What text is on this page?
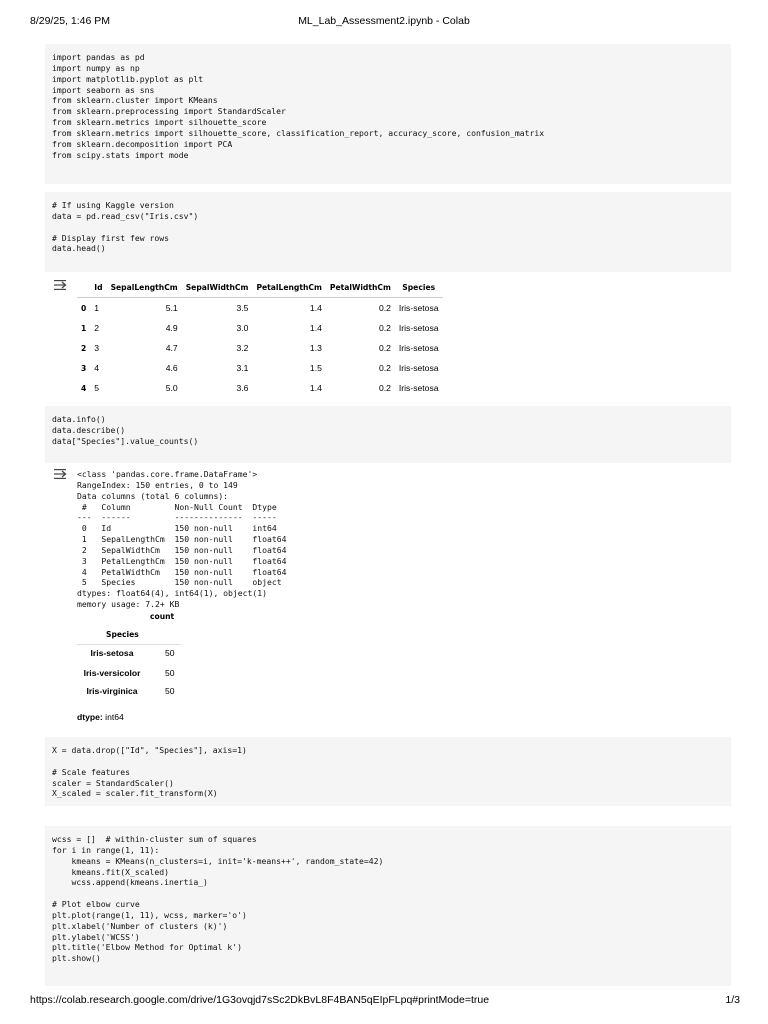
8/29/25, 1:46 PM	ML_Lab_Assessment2.ipynb - Colab
import pandas as pd
import numpy as np
import matplotlib.pyplot as plt
import seaborn as sns
from sklearn.cluster import KMeans
from sklearn.preprocessing import StandardScaler
from sklearn.metrics import silhouette_score
from sklearn.metrics import silhouette_score, classification_report, accuracy_score, confusion_matrix
from sklearn.decomposition import PCA
from scipy.stats import mode
# If using Kaggle version
data = pd.read_csv("Iris.csv")

# Display first few rows
data.head()
	Id	SepalLengthCm	SepalWidthCm	PetalLengthCm	PetalWidthCm	Species
0	1	5.1	3.5	1.4	0.2	Iris-setosa
1	2	4.9	3.0	1.4	0.2	Iris-setosa
2	3	4.7	3.2	1.3	0.2	Iris-setosa
3	4	4.6	3.1	1.5	0.2	Iris-setosa
4	5	5.0	3.6	1.4	0.2	Iris-setosa
data.info()
data.describe()
data["Species"].value_counts()
<class 'pandas.core.frame.DataFrame'>
RangeIndex: 150 entries, 0 to 149
Data columns (total 6 columns):
#   Column         Non-Null Count  Dtype
---  ------         --------------  -----
0   Id             150 non-null    int64
1   SepalLengthCm  150 non-null    float64
2   SepalWidthCm   150 non-null    float64
3   PetalLengthCm  150 non-null    float64
4   PetalWidthCm   150 non-null    float64
5   Species        150 non-null    object
dtypes: float64(4), int64(1), object(1)
memory usage: 7.2+ KB
count
Species
Iris-setosa	50
Iris-versicolor	50
Iris-virginica	50
dtype: int64
X = data.drop(["Id", "Species"], axis=1)

# Scale features
scaler = StandardScaler()
X_scaled = scaler.fit_transform(X)
wcss = []  # within-cluster sum of squares
for i in range(1, 11):
kmeans = KMeans(n_clusters=i, init='k-means++', random_state=42)
kmeans.fit(X_scaled)
wcss.append(kmeans.inertia_)

# Plot elbow curve
plt.plot(range(1, 11), wcss, marker='o')
plt.xlabel('Number of clusters (k)')
plt.ylabel('WCSS')
plt.title('Elbow Method for Optimal k')
plt.show()
https://colab.research.google.com/drive/1G3ovqjd7sSc2DkBvL8F4BAN5qEIpFLpq#printMode=true	1/3
